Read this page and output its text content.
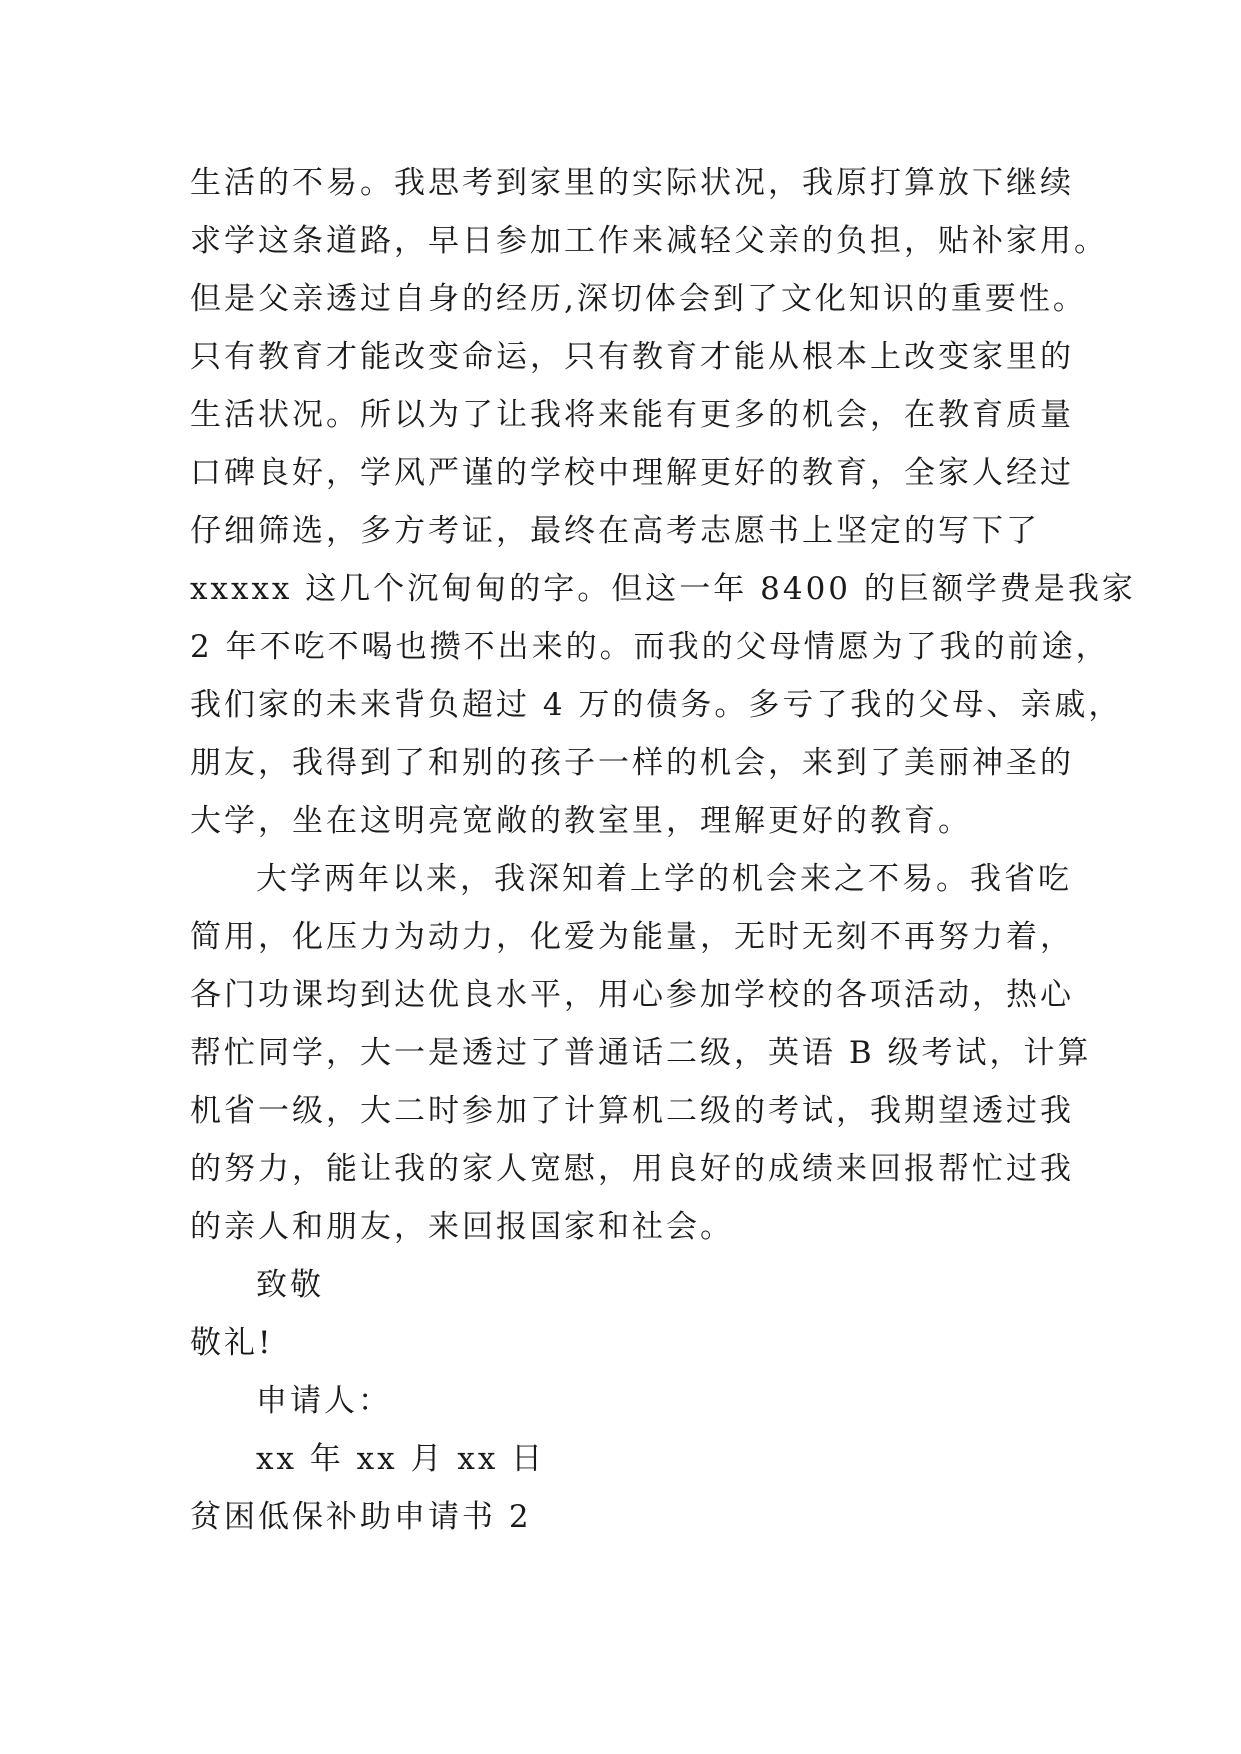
生活的不易。我思考到家里的实际状况，我原打算放下继续
求学这条道路，早日参加工作来减轻父亲的负担，贴补家用。
但是父亲透过自身的经历,深切体会到了文化知识的重要性。
只有教育才能改变命运，只有教育才能从根本上改变家里的
生活状况。所以为了让我将来能有更多的机会，在教育质量
口碑良好，学风严谨的学校中理解更好的教育，全家人经过
仔细筛选，多方考证，最终在高考志愿书上坚定的写下了
xxxxx 这几个沉甸甸的字。但这一年 8400 的巨额学费是我家
2 年不吃不喝也攒不出来的。而我的父母情愿为了我的前途，
我们家的未来背负超过 4 万的债务。多亏了我的父母、亲戚，
朋友，我得到了和别的孩子一样的机会，来到了美丽神圣的
大学，坐在这明亮宽敞的教室里，理解更好的教育。
大学两年以来，我深知着上学的机会来之不易。我省吃
简用，化压力为动力，化爱为能量，无时无刻不再努力着，
各门功课均到达优良水平，用心参加学校的各项活动，热心
帮忙同学，大一是透过了普通话二级，英语 B 级考试，计算
机省一级，大二时参加了计算机二级的考试，我期望透过我
的努力，能让我的家人宽慰，用良好的成绩来回报帮忙过我
的亲人和朋友，来回报国家和社会。
致敬
敬礼!
申请人：
xx 年 xx 月 xx 日
贫困低保补助申请书 2
